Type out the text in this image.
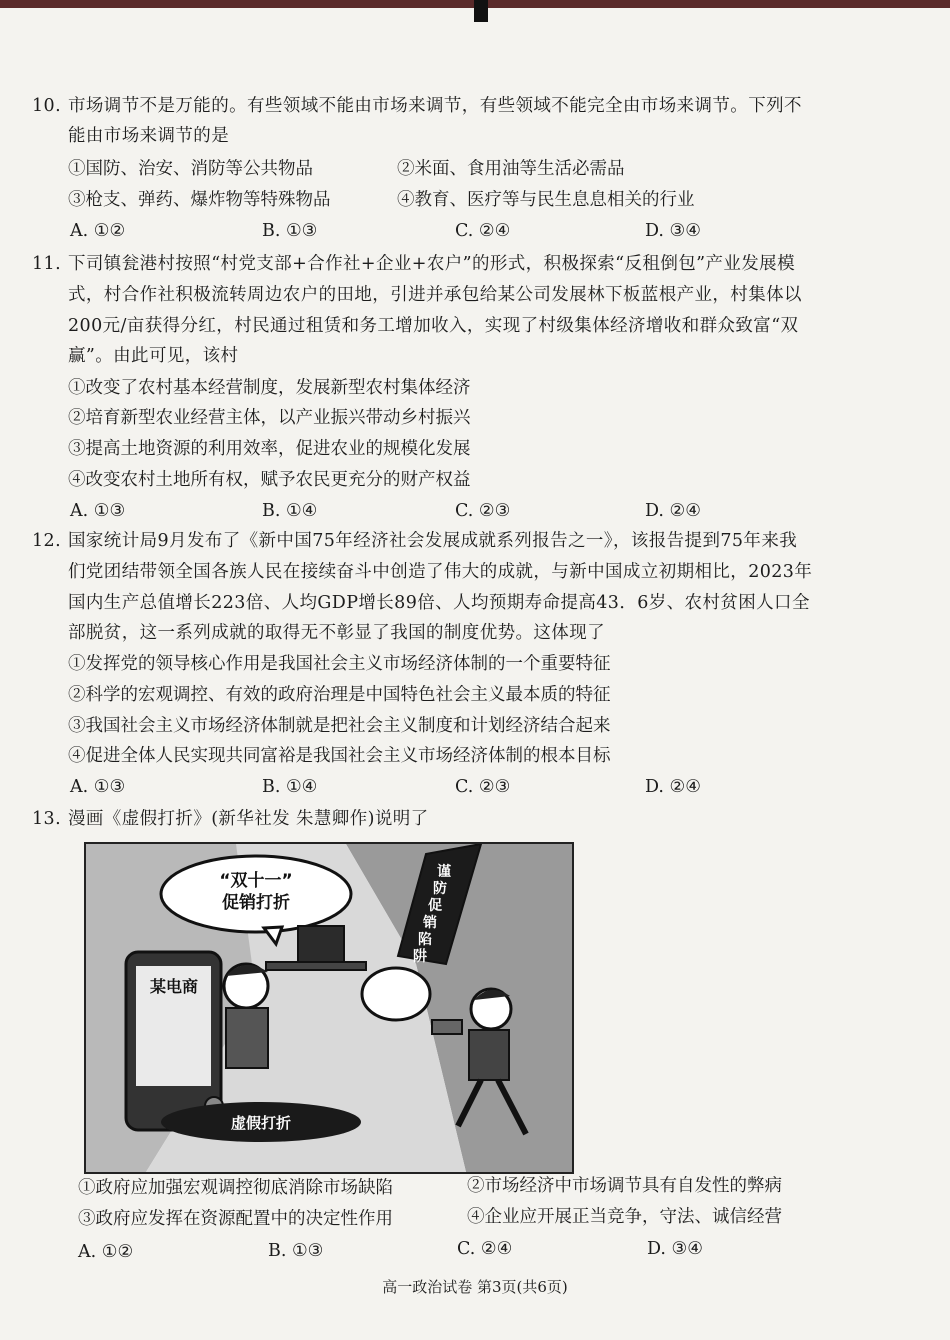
10. 市场调节不是万能的。有些领域不能由市场来调节，有些领域不能完全由市场来调节。下列不
能由市场来调节的是
①国防、治安、消防等公共物品	②米面、食用油等生活必需品
③枪支、弹药、爆炸物等特殊物品	④教育、医疗等与民生息息相关的行业
A. ①②	B. ①③	C. ②④	D. ③④
11. 下司镇瓮港村按照“村党支部+合作社+企业+农户”的形式，积极探索“反租倒包”产业发展模
式，村合作社积极流转周边农户的田地，引进并承包给某公司发展林下板蓝根产业，村集体以
200元/亩获得分红，村民通过租赁和务工增加收入，实现了村级集体经济增收和群众致富“双
赢”。由此可见，该村
①改变了农村基本经营制度，发展新型农村集体经济
②培育新型农业经营主体，以产业振兴带动乡村振兴
③提高土地资源的利用效率，促进农业的规模化发展
④改变农村土地所有权，赋予农民更充分的财产权益
A. ①③	B. ①④	C. ②③	D. ②④
12. 国家统计局9月发布了《新中国75年经济社会发展成就系列报告之一》，该报告提到75年来我
们党团结带领全国各族人民在接续奋斗中创造了伟大的成就，与新中国成立初期相比，2023年
国内生产总值增长223倍、人均GDP增长89倍、人均预期寿命提高43．6岁、农村贫困人口全
部脱贫，这一系列成就的取得无不彰显了我国的制度优势。这体现了
①发挥党的领导核心作用是我国社会主义市场经济体制的一个重要特征
②科学的宏观调控、有效的政府治理是中国特色社会主义最本质的特征
③我国社会主义市场经济体制就是把社会主义制度和计划经济结合起来
④促进全体人民实现共同富裕是我国社会主义市场经济体制的根本目标
A. ①③	B. ①④	C. ②③	D. ②④
13. 漫画《虚假打折》(新华社发 朱慧卿作)说明了
“双十一”
促销打折
某电商
谨
防
促
销
陷
阱
虚假打折
①政府应加强宏观调控彻底消除市场缺陷	②市场经济中市场调节具有自发性的弊病
③政府应发挥在资源配置中的决定性作用	④企业应开展正当竞争，守法、诚信经营
A. ①②	B. ①③	C. ②④	D. ③④
高一政治试卷 第3页(共6页)
